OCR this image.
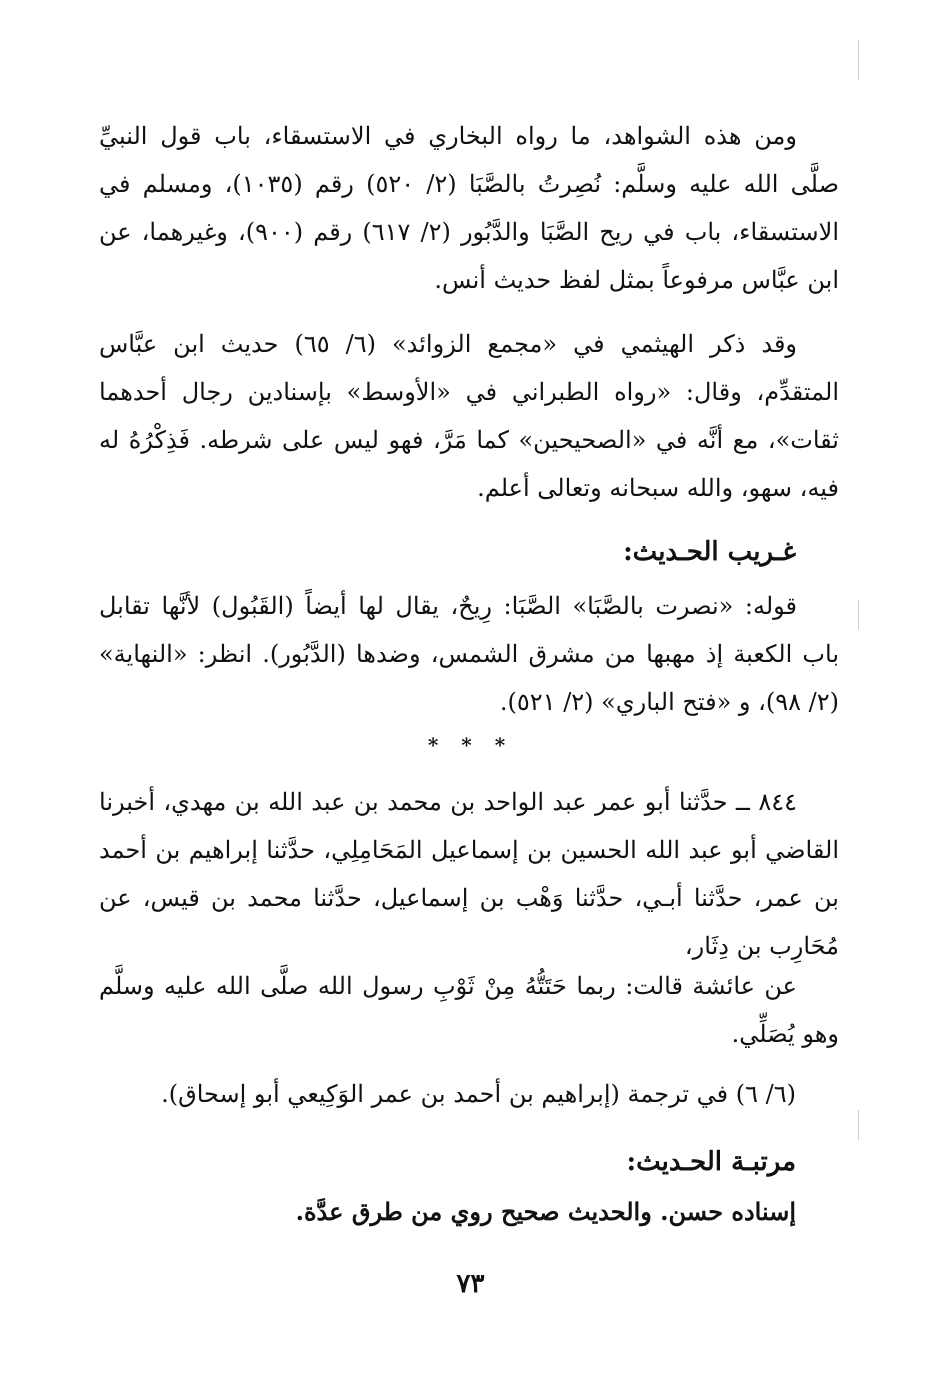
ومن هذه الشواهد، ما رواه البخاري في الاستسقاء، باب قول النبيِّ صلَّى الله عليه وسلَّم: نُصِرتُ بالصَّبَا (٢/ ٥٢٠) رقم (١٠٣٥)، ومسلم في الاستسقاء، باب في ريح الصَّبَا والدَّبُور (٢/ ٦١٧) رقم (٩٠٠)، وغيرهما، عن ابن عبَّاس مرفوعاً بمثل لفظ حديث أنس.

وقد ذكر الهيثمي في «مجمع الزوائد» (٦/ ٦٥) حديث ابن عبَّاس المتقدِّم، وقال: «رواه الطبراني في «الأوسط» بإسنادين رجال أحدهما ثقات»، مع أنَّه في «الصحيحين» كما مَرَّ، فهو ليس على شرطه. فَذِكْرُهُ له فيه، سهو، والله سبحانه وتعالى أعلم.

غـريب الحـديث:

قوله: «نصرت بالصَّبَا» الصَّبَا: رِيحٌ، يقال لها أيضاً (القَبُول) لأنَّها تقابل باب الكعبة إذ مهبها من مشرق الشمس، وضدها (الدَّبُور). انظر: «النهاية» (٢/ ٩٨)، و «فتح الباري» (٢/ ٥٢١).

* * *

٨٤٤ ــ حدَّثنا أبو عمر عبد الواحد بن محمد بن عبد الله بن مهدي، أخبرنا القاضي أبو عبد الله الحسين بن إسماعيل المَحَامِلِي، حدَّثنا إبراهيم بن أحمد بن عمر، حدَّثنا أبـي، حدَّثنا وَهْب بن إسماعيل، حدَّثنا محمد بن قيس، عن مُحَارِب بن دِثَار،

عن عائشة قالت: ربما حَتَتُّهُ مِنْ ثَوْبِ رسول الله صلَّى الله عليه وسلَّم وهو يُصَلِّي.

(٦/ ٦) في ترجمة (إبراهيم بن أحمد بن عمر الوَكِيعي أبو إسحاق).

مرتبـة الحـديث:
إسناده حسن. والحديث صحيح روي من طرق عدَّة.
٧٣
